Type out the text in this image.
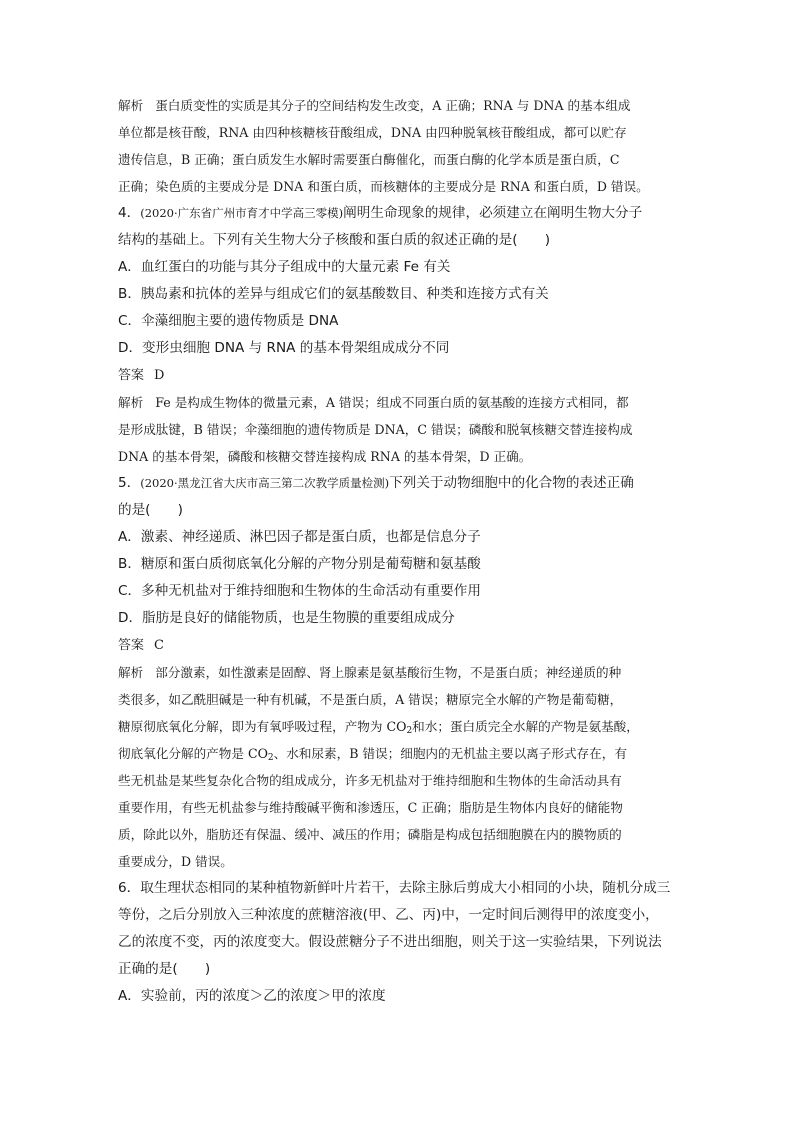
解析 蛋白质变性的实质是其分子的空间结构发生改变，A 正确；RNA 与 DNA 的基本组成
单位都是核苷酸，RNA 由四种核糖核苷酸组成，DNA 由四种脱氧核苷酸组成，都可以贮存
遗传信息，B 正确；蛋白质发生水解时需要蛋白酶催化，而蛋白酶的化学本质是蛋白质，C
正确；染色质的主要成分是 DNA 和蛋白质，而核糖体的主要成分是 RNA 和蛋白质，D 错误。
4．(2020·广东省广州市育才中学高三零模)阐明生命现象的规律，必须建立在阐明生物大分子
结构的基础上。下列有关生物大分子核酸和蛋白质的叙述正确的是(　　)
A．血红蛋白的功能与其分子组成中的大量元素 Fe 有关
B．胰岛素和抗体的差异与组成它们的氨基酸数目、种类和连接方式有关
C．伞藻细胞主要的遗传物质是 DNA
D．变形虫细胞 DNA 与 RNA 的基本骨架组成成分不同
答案 D
解析 Fe 是构成生物体的微量元素，A 错误；组成不同蛋白质的氨基酸的连接方式相同，都
是形成肽键，B 错误；伞藻细胞的遗传物质是 DNA，C 错误；磷酸和脱氧核糖交替连接构成
DNA 的基本骨架，磷酸和核糖交替连接构成 RNA 的基本骨架，D 正确。
5．(2020·黑龙江省大庆市高三第二次教学质量检测)下列关于动物细胞中的化合物的表述正确
的是(　　)
A．激素、神经递质、淋巴因子都是蛋白质，也都是信息分子
B．糖原和蛋白质彻底氧化分解的产物分别是葡萄糖和氨基酸
C．多种无机盐对于维持细胞和生物体的生命活动有重要作用
D．脂肪是良好的储能物质，也是生物膜的重要组成成分
答案 C
解析 部分激素，如性激素是固醇、肾上腺素是氨基酸衍生物，不是蛋白质；神经递质的种
类很多，如乙酰胆碱是一种有机碱，不是蛋白质，A 错误；糖原完全水解的产物是葡萄糖，
糖原彻底氧化分解，即为有氧呼吸过程，产物为 $CO_2$和水；蛋白质完全水解的产物是氨基酸，
彻底氧化分解的产物是 $CO_2$、水和尿素，B 错误；细胞内的无机盐主要以离子形式存在，有
些无机盐是某些复杂化合物的组成成分，许多无机盐对于维持细胞和生物体的生命活动具有
重要作用，有些无机盐参与维持酸碱平衡和渗透压，C 正确；脂肪是生物体内良好的储能物
质，除此以外，脂肪还有保温、缓冲、减压的作用；磷脂是构成包括细胞膜在内的膜物质的
重要成分，D 错误。
6．取生理状态相同的某种植物新鲜叶片若干，去除主脉后剪成大小相同的小块，随机分成三
等份，之后分别放入三种浓度的蔗糖溶液(甲、乙、丙)中，一定时间后测得甲的浓度变小，
乙的浓度不变，丙的浓度变大。假设蔗糖分子不进出细胞，则关于这一实验结果，下列说法
正确的是(　　)
A．实验前，丙的浓度＞乙的浓度＞甲的浓度
